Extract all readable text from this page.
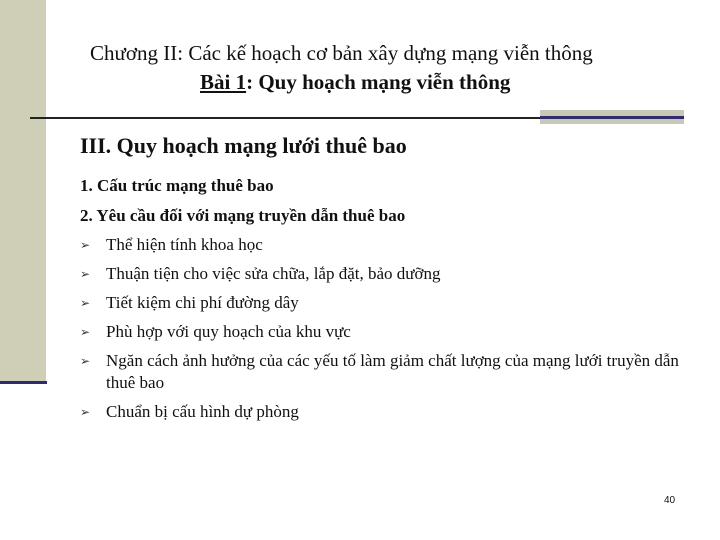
Chương II: Các kế hoạch cơ bản xây dựng mạng viễn thông
Bài 1: Quy hoạch mạng viễn thông
III. Quy hoạch mạng lưới thuê bao
1. Cấu trúc mạng thuê bao
2. Yêu cầu đối với mạng truyền dẫn thuê bao
➢ Thể hiện tính khoa học
➢ Thuận tiện cho việc sửa chữa, lắp đặt, bảo dưỡng
➢ Tiết kiệm chi phí đường dây
➢ Phù hợp với quy hoạch của khu vực
➢ Ngăn cách ảnh hưởng của các yếu tố làm giảm chất lượng của mạng lưới truyền dẫn thuê bao
➢ Chuẩn bị cấu hình dự phòng
40
